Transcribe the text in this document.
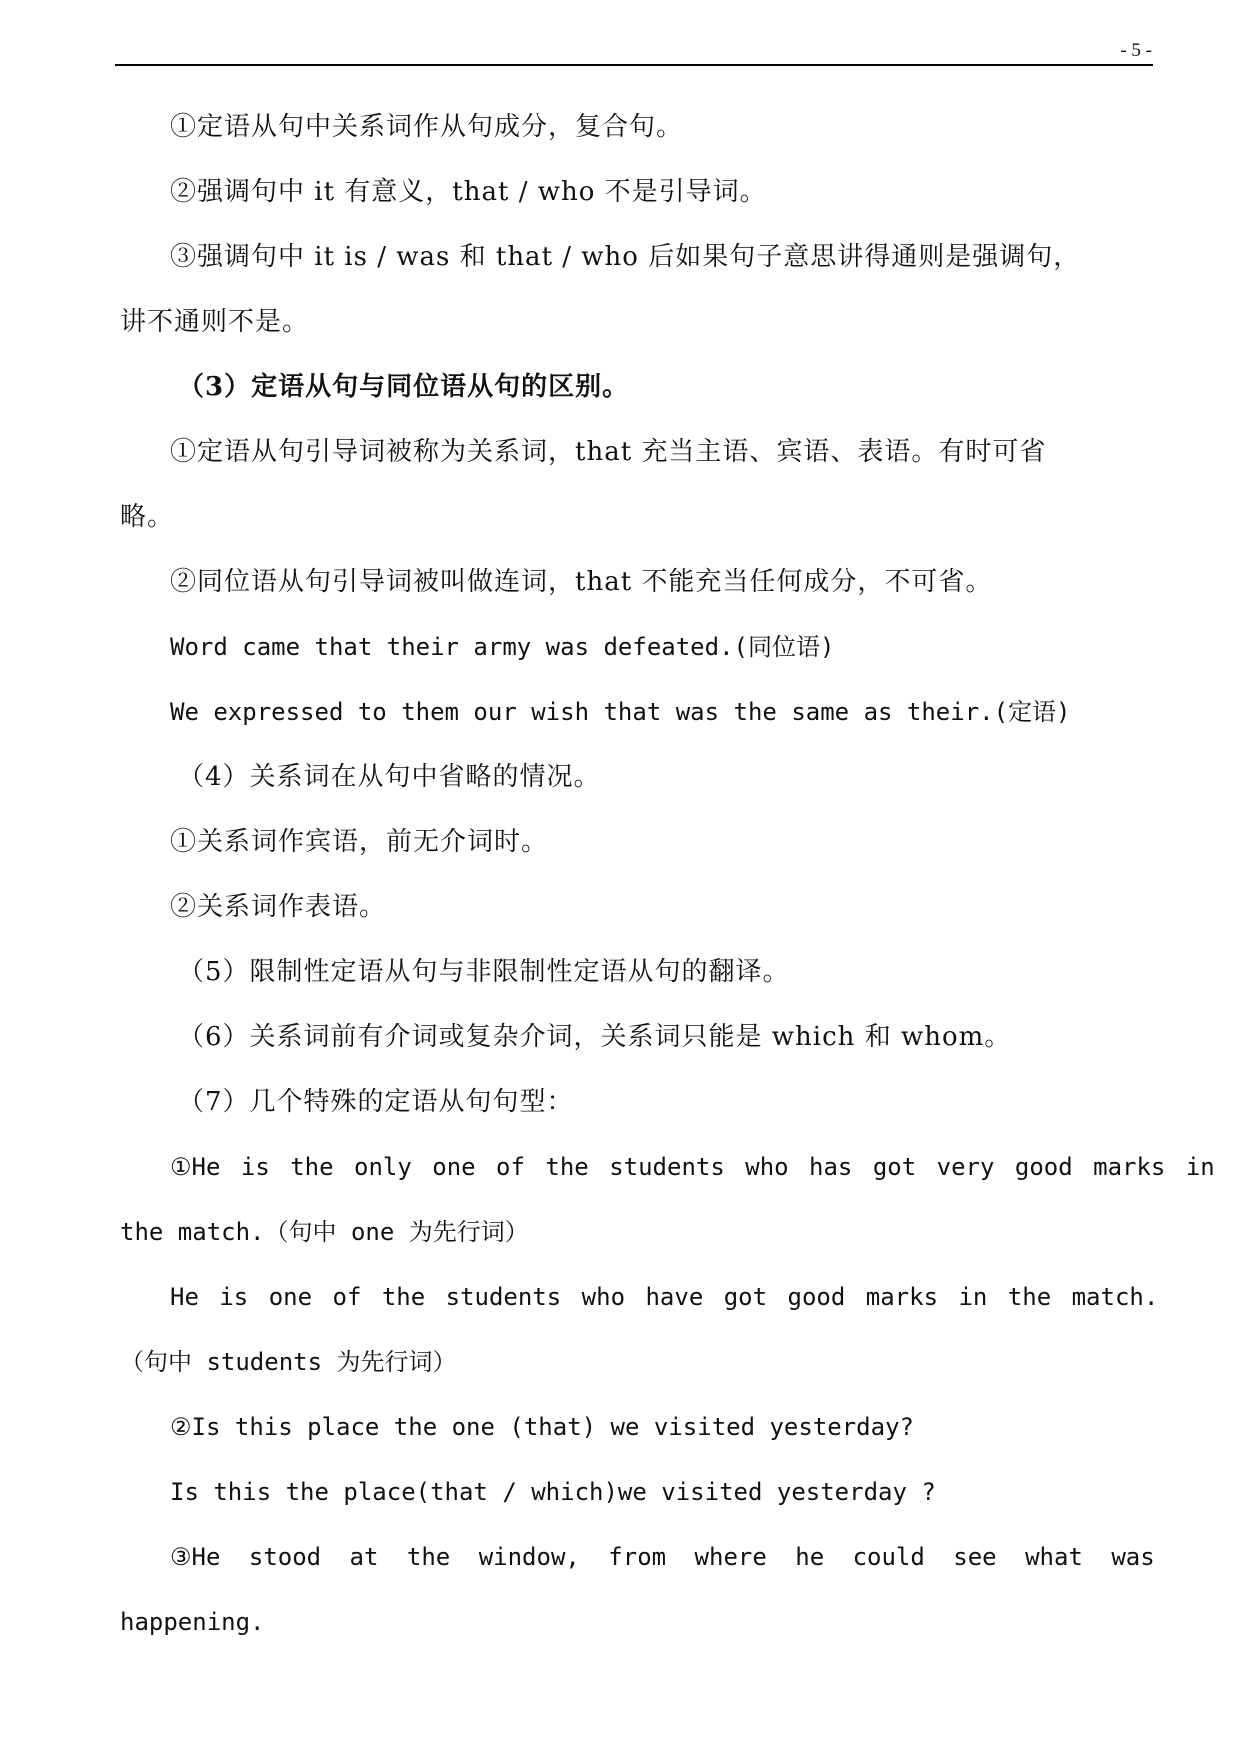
- 5 -
①定语从句中关系词作从句成分，复合句。
②强调句中 it 有意义，that / who 不是引导词。
③强调句中 it is / was 和 that / who 后如果句子意思讲得通则是强调句，
讲不通则不是。
（3）定语从句与同位语从句的区别。
①定语从句引导词被称为关系词，that 充当主语、宾语、表语。有时可省
略。
②同位语从句引导词被叫做连词，that 不能充当任何成分，不可省。
Word came that their army was defeated.(同位语)
We expressed to them our wish that was the same as their.(定语)
（4）关系词在从句中省略的情况。
①关系词作宾语，前无介词时。
②关系词作表语。
（5）限制性定语从句与非限制性定语从句的翻译。
（6）关系词前有介词或复杂介词，关系词只能是 which 和 whom。
（7）几个特殊的定语从句句型：
①He is the only one of the students who has got very good marks in
the match.（句中 one 为先行词）
He is one of the students who have got good marks in the match.
（句中 students 为先行词）
②Is this place the one (that) we visited yesterday?
Is this the place(that / which)we visited yesterday ?
③He stood at the window, from where he could see what was
happening.
